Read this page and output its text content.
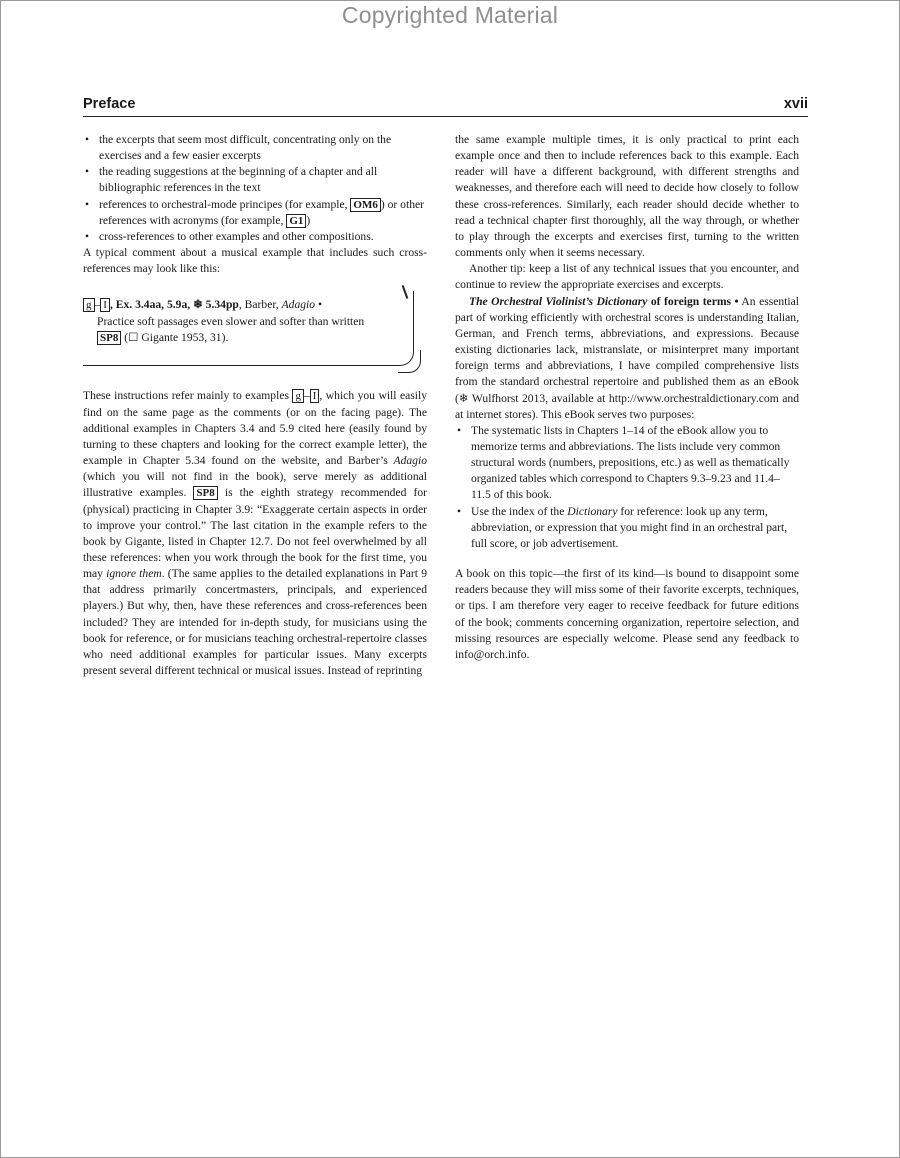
Copyrighted Material
Preface	xvii
• the excerpts that seem most difficult, concentrating only on the exercises and a few easier excerpts
• the reading suggestions at the beginning of a chapter and all bibliographic references in the text
• references to orchestral-mode principes (for example, OM6 ) or other references with acronyms (for example, G1 )
• cross-references to other examples and other compositions.

A typical comment about a musical example that includes such cross-references may look like this:

g – I , Ex. 3.4aa, 5.9a, ❄ 5.34pp, Barber, Adagio •
Practice soft passages even slower and softer than written
SP8 (☐ Gigante 1953, 31).

These instructions refer mainly to examples g – I , which you will easily find on the same page as the comments (or on the facing page). The additional examples in Chapters 3.4 and 5.9 cited here (easily found by turning to these chapters and looking for the correct example letter), the example in Chapter 5.34 found on the website, and Barber’s Adagio (which you will not find in the book), serve merely as additional illustrative examples. SP8 is the eighth strategy recommended for (physical) practicing in Chapter 3.9: “Exaggerate certain aspects in order to improve your control.” The last citation in the example refers to the book by Gigante, listed in Chapter 12.7. Do not feel overwhelmed by all these references: when you work through the book for the first time, you may ignore them. (The same applies to the detailed explanations in Part 9 that address primarily concertmasters, principals, and experienced players.) But why, then, have these references and cross-references been included? They are intended for in-depth study, for musicians using the book for reference, or for musicians teaching orchestral-repertoire classes who need additional examples for particular issues. Many excerpts present several different technical or musical issues. Instead of reprinting

the same example multiple times, it is only practical to print each example once and then to include references back to this example. Each reader will have a different background, with different strengths and weaknesses, and therefore each will need to decide how closely to follow these cross-references. Similarly, each reader should decide whether to read a technical chapter first thoroughly, all the way through, or whether to play through the excerpts and exercises first, turning to the written comments only when it seems necessary.

Another tip: keep a list of any technical issues that you encounter, and continue to review the appropriate exercises and excerpts.

The Orchestral Violinist’s Dictionary of foreign terms • An essential part of working efficiently with orchestral scores is understanding Italian, German, and French terms, abbreviations, and expressions. Because existing dictionaries lack, mistranslate, or misinterpret many important foreign terms and abbreviations, I have compiled comprehensive lists from the standard orchestral repertoire and published them as an eBook (❄ Wulfhorst 2013, available at http://www.orchestraldictionary.com and at internet stores). This eBook serves two purposes:

• The systematic lists in Chapters 1–14 of the eBook allow you to memorize terms and abbreviations. The lists include very common structural words (numbers, prepositions, etc.) as well as thematically organized tables which correspond to Chapters 9.3–9.23 and 11.4–11.5 of this book.
• Use the index of the Dictionary for reference: look up any term, abbreviation, or expression that you might find in an orchestral part, full score, or job advertisement.

A book on this topic—the first of its kind—is bound to disappoint some readers because they will miss some of their favorite excerpts, techniques, or tips. I am therefore very eager to receive feedback for future editions of the book; comments concerning organization, repertoire selection, and missing resources are especially welcome. Please send any feedback to info@orch.info.
